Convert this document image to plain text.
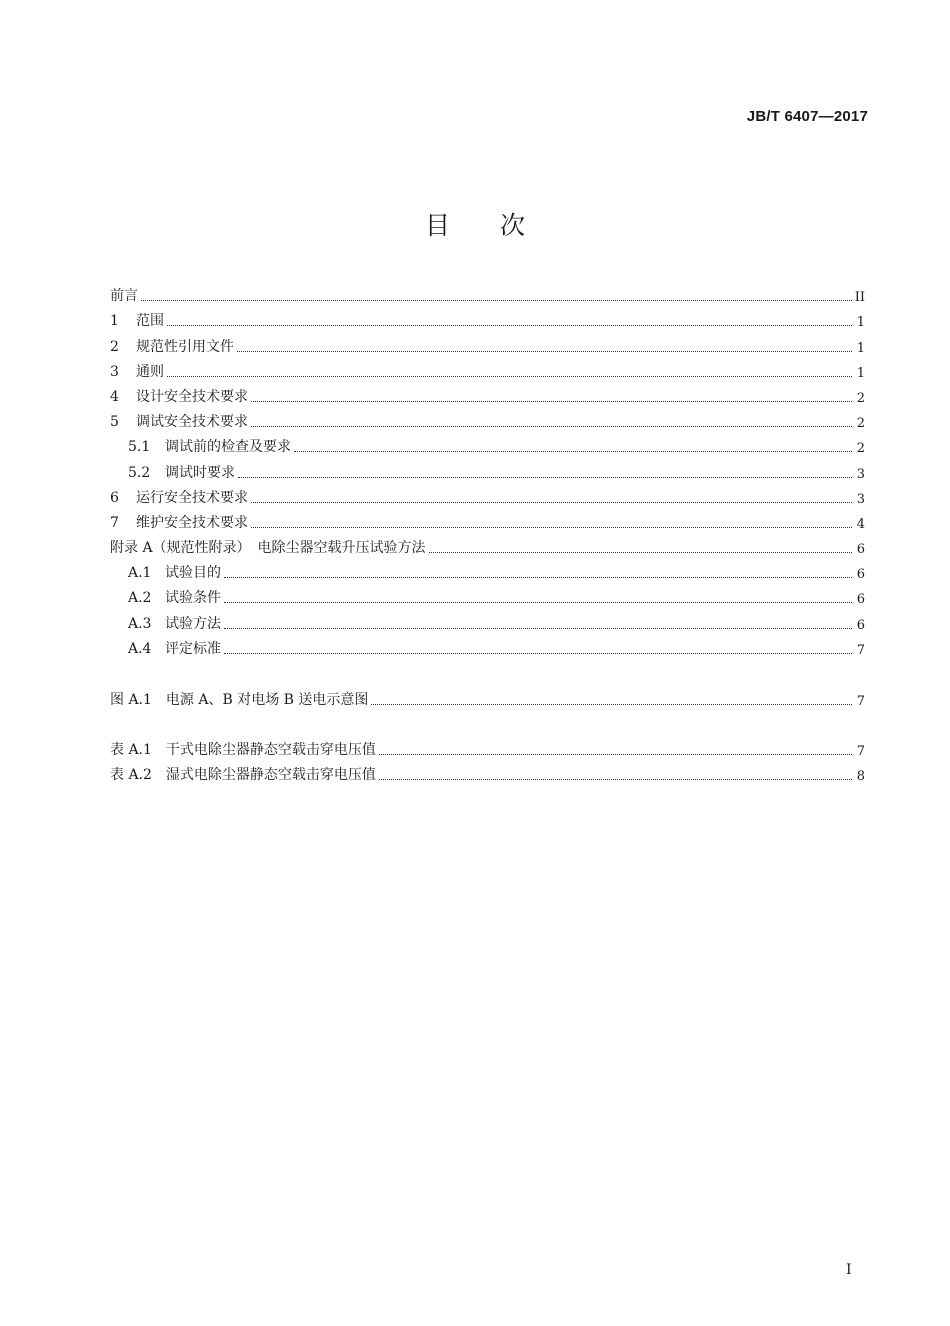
JB/T 6407—2017
目次
前言	II
1 范围	1
2 规范性引用文件	1
3 通则	1
4 设计安全技术要求	2
5 调试安全技术要求	2
5.1 调试前的检查及要求	2
5.2 调试时要求	3
6 运行安全技术要求	3
7 维护安全技术要求	4
附录 A（规范性附录）　电除尘器空载升压试验方法	6
A.1 试验目的	6
A.2 试验条件	6
A.3 试验方法	6
A.4 评定标准	7
图 A.1　电源 A、B 对电场 B 送电示意图	7
表 A.1　干式电除尘器静态空载击穿电压值	7
表 A.2　湿式电除尘器静态空载击穿电压值	8
I
